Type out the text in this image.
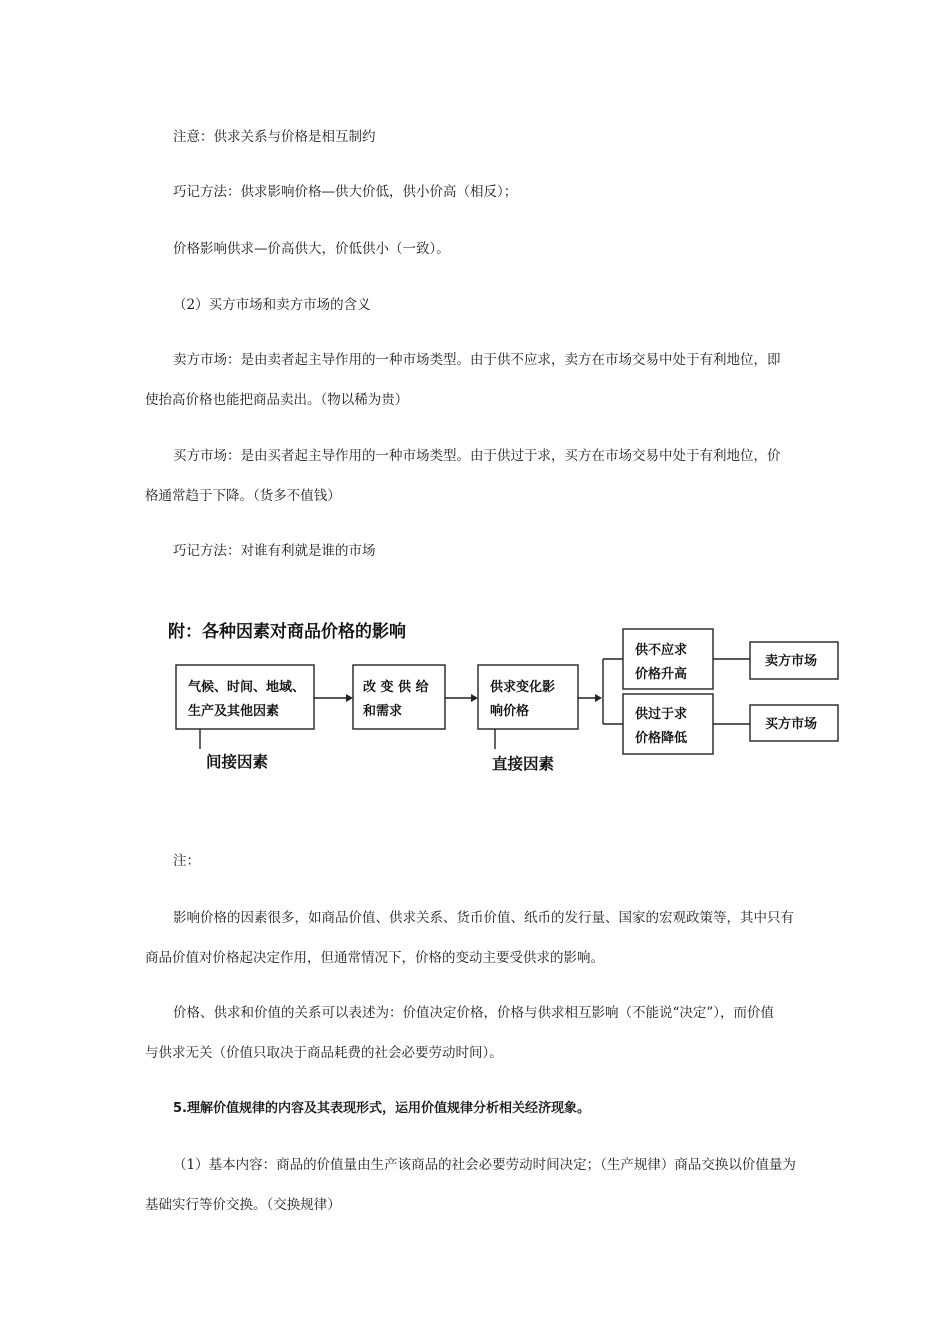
注意：供求关系与价格是相互制约
巧记方法：供求影响价格—供大价低，供小价高（相反）；
价格影响供求—价高供大，价低供小（一致）。
（2）买方市场和卖方市场的含义
卖方市场：是由卖者起主导作用的一种市场类型。由于供不应求，卖方在市场交易中处于有利地位，即
使抬高价格也能把商品卖出。（物以稀为贵）
买方市场：是由买者起主导作用的一种市场类型。由于供过于求，买方在市场交易中处于有利地位，价
格通常趋于下降。（货多不值钱）
巧记方法：对谁有利就是谁的市场
附：各种因素对商品价格的影响
气候、时间、地域、
生产及其他因素
改 变 供 给
和需求
供求变化影
响价格
供不应求
价格升高
供过于求
价格降低
卖方市场
买方市场
间接因素	直接因素
注：
影响价格的因素很多，如商品价值、供求关系、货币价值、纸币的发行量、国家的宏观政策等，其中只有
商品价值对价格起决定作用，但通常情况下，价格的变动主要受供求的影响。
价格、供求和价值的关系可以表述为：价值决定价格，价格与供求相互影响（不能说“决定”），而价值
与供求无关（价值只取决于商品耗费的社会必要劳动时间）。
5.理解价值规律的内容及其表现形式，运用价值规律分析相关经济现象。
（1）基本内容：商品的价值量由生产该商品的社会必要劳动时间决定；（生产规律）商品交换以价值量为
基础实行等价交换。（交换规律）
